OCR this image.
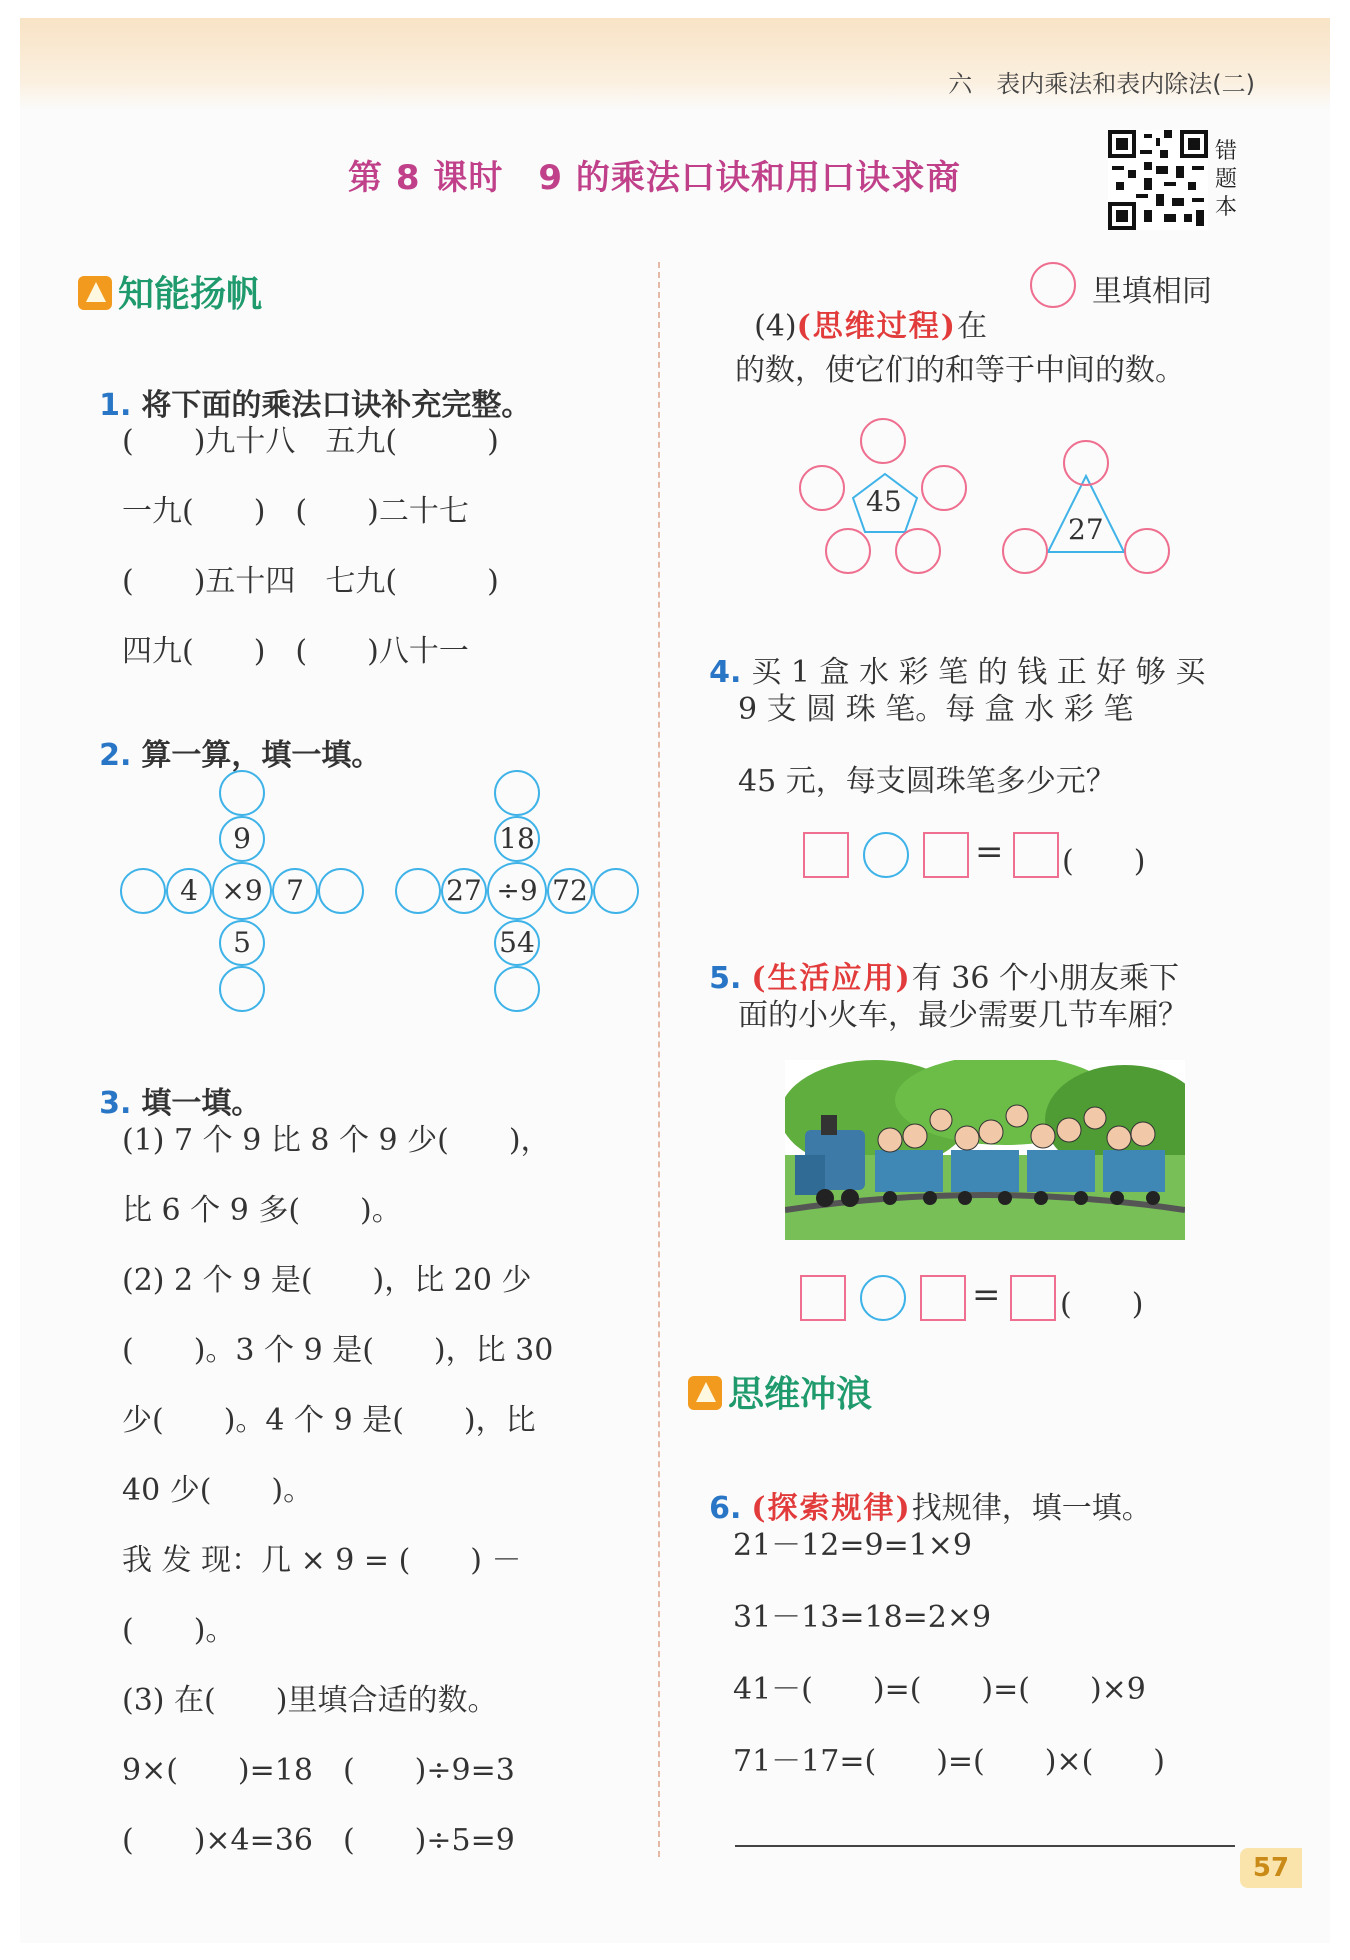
六　表内乘法和表内除法(二)
第 8 课时　9 的乘法口诀和用口诀求商
错题本
知能扬帆

1. 将下面的乘法口诀补充完整。

(　　)九十八　五九(　　　)
一九(　　)　(　　)二十七
(　　)五十四　七九(　　　)
四九(　　)　(　　)八十一

2. 算一算，填一填。

9
4 ×9 7
5
18
27 ÷9 72
54

3. 填一填。

(1) 7 个 9 比 8 个 9 少(　　)，
比 6 个 9 多(　　)。
(2) 2 个 9 是(　　)，比 20 少
(　　)。3 个 9 是(　　)，比 30
少(　　)。4 个 9 是(　　)，比
40 少(　　)。
我 发 现：几 × 9 = (　　) －
(　　)。
(3) 在(　　)里填合适的数。
9×(　　)=18　(　　)÷9=3
(　　)×4=36　(　　)÷5=9

(4)(思维过程)在

里填相同
的数，使它们的和等于中间的数。
45
27

4. 买 1 盒 水 彩 笔 的 钱 正 好 够 买

9 支 圆 珠 笔。每 盒 水 彩 笔
45 元，每支圆珠笔多少元？
= (　　)

5. (生活应用)有 36 个小朋友乘下

面的小火车，最少需要几节车厢？
= (　　)
思维冲浪

6. (探索规律)找规律，填一填。

21－12=9=1×9
31－13=18=2×9
41－(　　)=(　　)=(　　)×9
71－17=(　　)=(　　)×(　　)
57
